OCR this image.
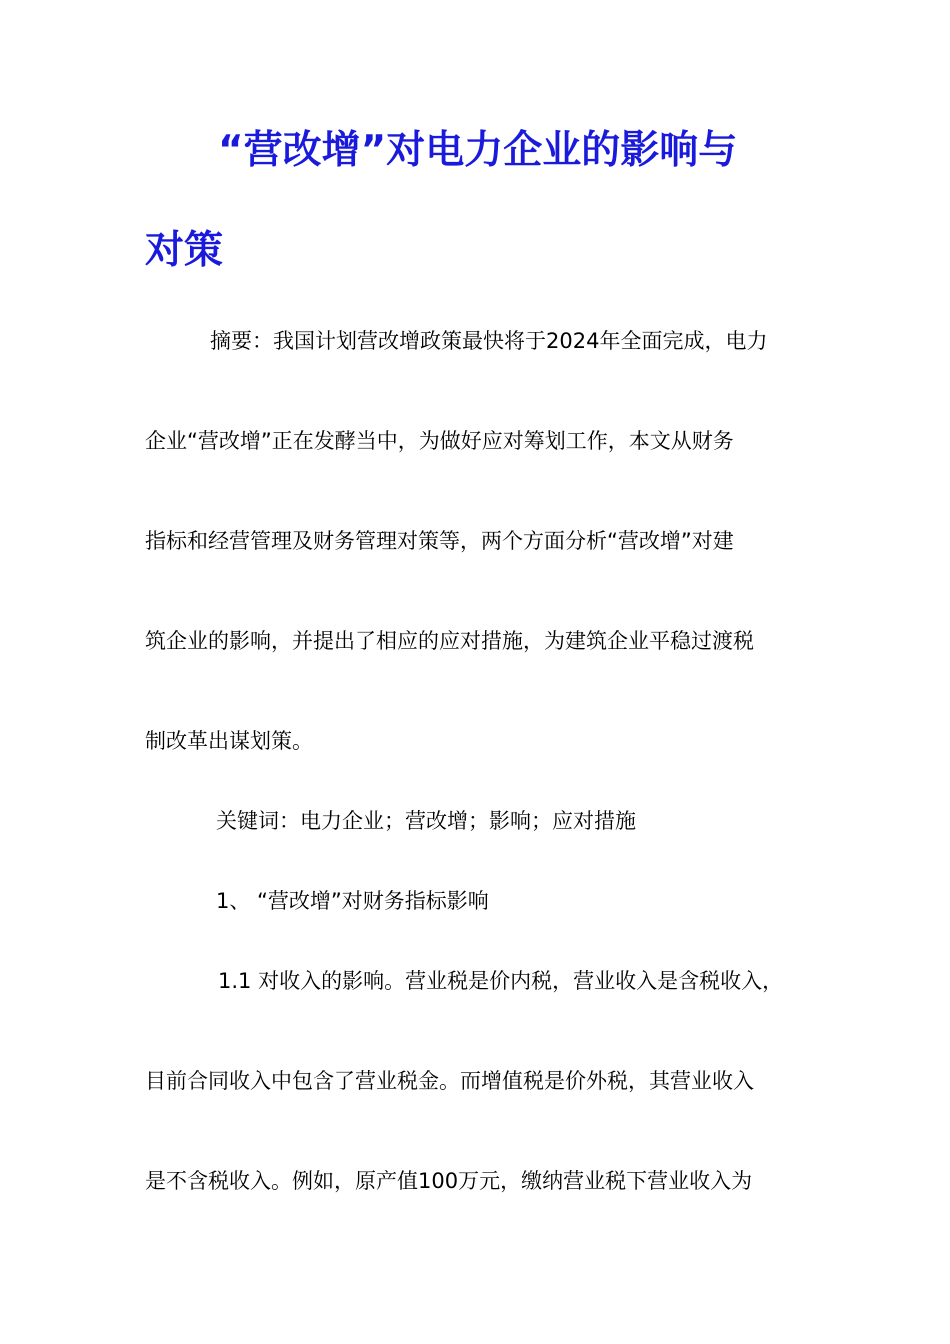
“营改增”对电力企业的影响与
对策
摘要：我国计划营改增政策最快将于2024年全面完成，电力
企业“营改增”正在发酵当中，为做好应对筹划工作，本文从财务
指标和经营管理及财务管理对策等，两个方面分析“营改增”对建
筑企业的影响，并提出了相应的应对措施，为建筑企业平稳过渡税
制改革出谋划策。
关键词：电力企业；营改增；影响；应对措施
1、 “营改增”对财务指标影响
1.1 对收入的影响。营业税是价内税，营业收入是含税收入，
目前合同收入中包含了营业税金。而增值税是价外税，其营业收入
是不含税收入。例如，原产值100万元，缴纳营业税下营业收入为
